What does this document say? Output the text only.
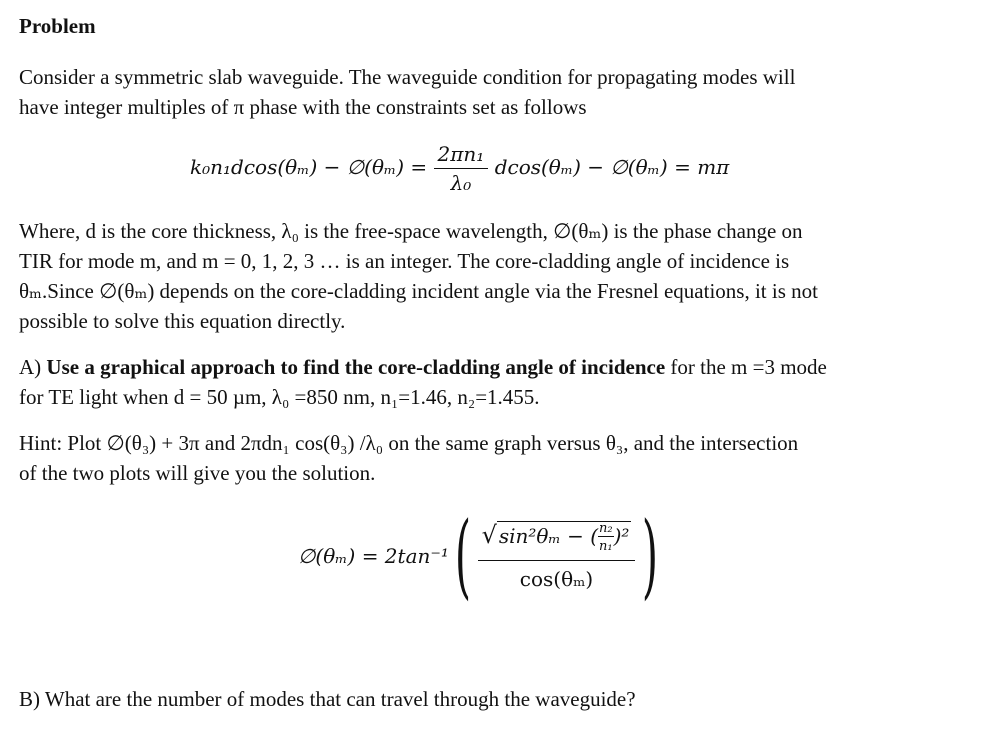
Problem
Consider a symmetric slab waveguide. The waveguide condition for propagating modes will
have integer multiples of π phase with the constraints set as follows
k₀n₁dcos(θₘ) − ∅(θₘ) = $\frac{\text{2πn₁}}{\text{λ₀}} dcos(\theta_m)$ − ∅(θₘ) = mπ
Where, d is the core thickness, λ₀ is the free-space wavelength, ∅(θₘ) is the phase change on
TIR for mode m, and m = 0, 1, 2, 3 … is an integer. The core-cladding angle of incidence is
θₘ.Since ∅(θₘ) depends on the core-cladding incident angle via the Fresnel equations, it is not
possible to solve this equation directly.
A) Use a graphical approach to find the core-cladding angle of incidence for the m =3 mode
for TE light when d = 50 µm, λ₀ =850 nm, n₁=1.46, n₂=1.455.
Hint: Plot ∅(θ₃) + 3π and 2πdn₁ cos(θ₃) /λ₀ on the same graph versus θ₃, and the intersection
of the two plots will give you the solution.
∅(θₘ) = 2tan⁻¹ ( $\frac{√ \sin^2\theta_m - ( \frac{\text{n₂}}{\text{n₁}} )^2}{\text{cos(θₘ)}}$ )
B) What are the number of modes that can travel through the waveguide?
